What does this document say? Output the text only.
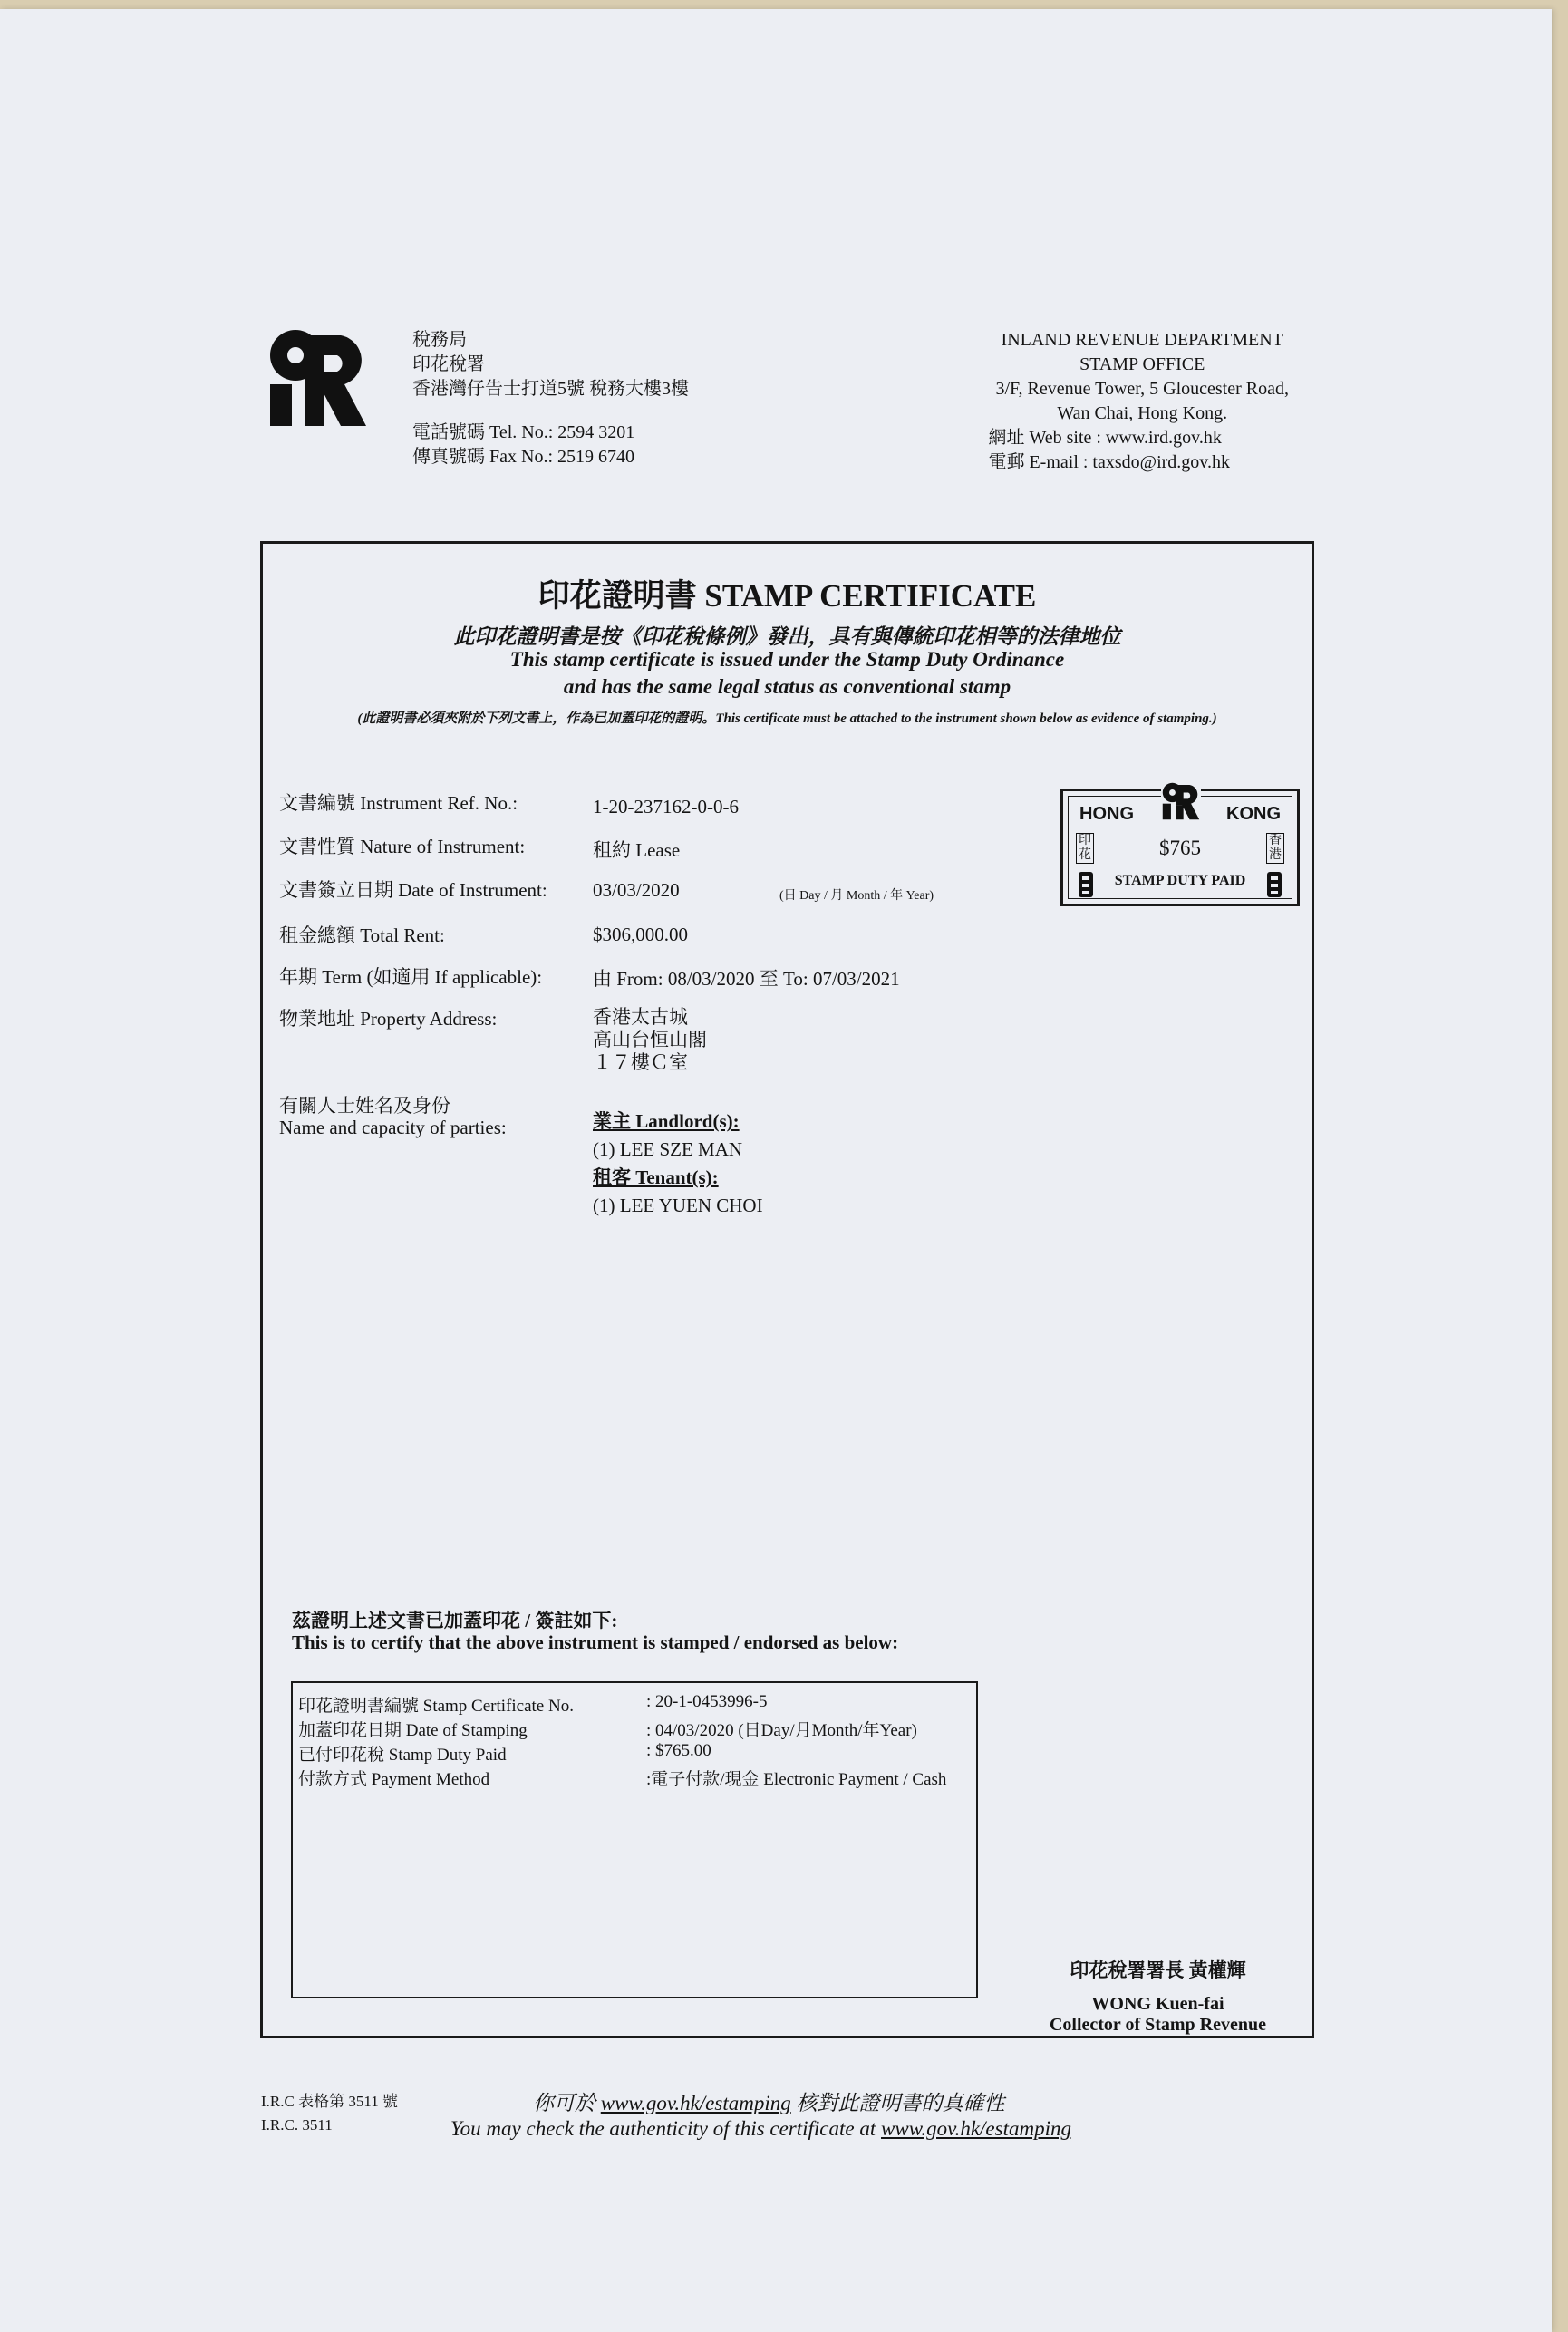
稅務局
印花稅署
香港灣仔告士打道5號 稅務大樓3樓
電話號碼 Tel. No.: 2594 3201
傳真號碼 Fax No.: 2519 6740
INLAND REVENUE DEPARTMENT
STAMP OFFICE
3/F, Revenue Tower, 5 Gloucester Road,
Wan Chai, Hong Kong.
網址 Web site : www.ird.gov.hk
電郵 E-mail : taxsdo@ird.gov.hk
印花證明書 STAMP CERTIFICATE
此印花證明書是按《印花稅條例》發出，具有與傳統印花相等的法律地位
This stamp certificate is issued under the Stamp Duty Ordinance
and has the same legal status as conventional stamp
(此證明書必須夾附於下列文書上，作為已加蓋印花的證明。This certificate must be attached to the instrument shown below as evidence of stamping.)
文書編號 Instrument Ref. No.:	1-20-237162-0-0-6
文書性質 Nature of Instrument:	租約 Lease
文書簽立日期 Date of Instrument: 03/03/2020	(日 Day / 月 Month / 年 Year)
租金總額 Total Rent:	$306,000.00
年期 Term (如適用 If applicable):	由 From: 08/03/2020 至 To: 07/03/2021
物業地址 Property Address:	香港太古城
高山台恒山閣
１７樓Ｃ室
有關人士姓名及身份
Name and capacity of parties:	業主 Landlord(s):
(1) LEE SZE MAN
租客 Tenant(s):
(1) LEE YUEN CHOI
HONG	KONG
$765
STAMP DUTY PAID
印花
香港
茲證明上述文書已加蓋印花 / 簽註如下:
This is to certify that the above instrument is stamped / endorsed as below:
印花證明書編號 Stamp Certificate No.	: 20-1-0453996-5
加蓋印花日期 Date of Stamping	: 04/03/2020 (日Day/月Month/年Year)
已付印花稅 Stamp Duty Paid	: $765.00
付款方式 Payment Method	:電子付款/現金 Electronic Payment / Cash
印花稅署署長 黃權輝
WONG Kuen-fai
Collector of Stamp Revenue
I.R.C 表格第 3511 號
I.R.C. 3511
你可於 www.gov.hk/estamping 核對此證明書的真確性
You may check the authenticity of this certificate at www.gov.hk/estamping
